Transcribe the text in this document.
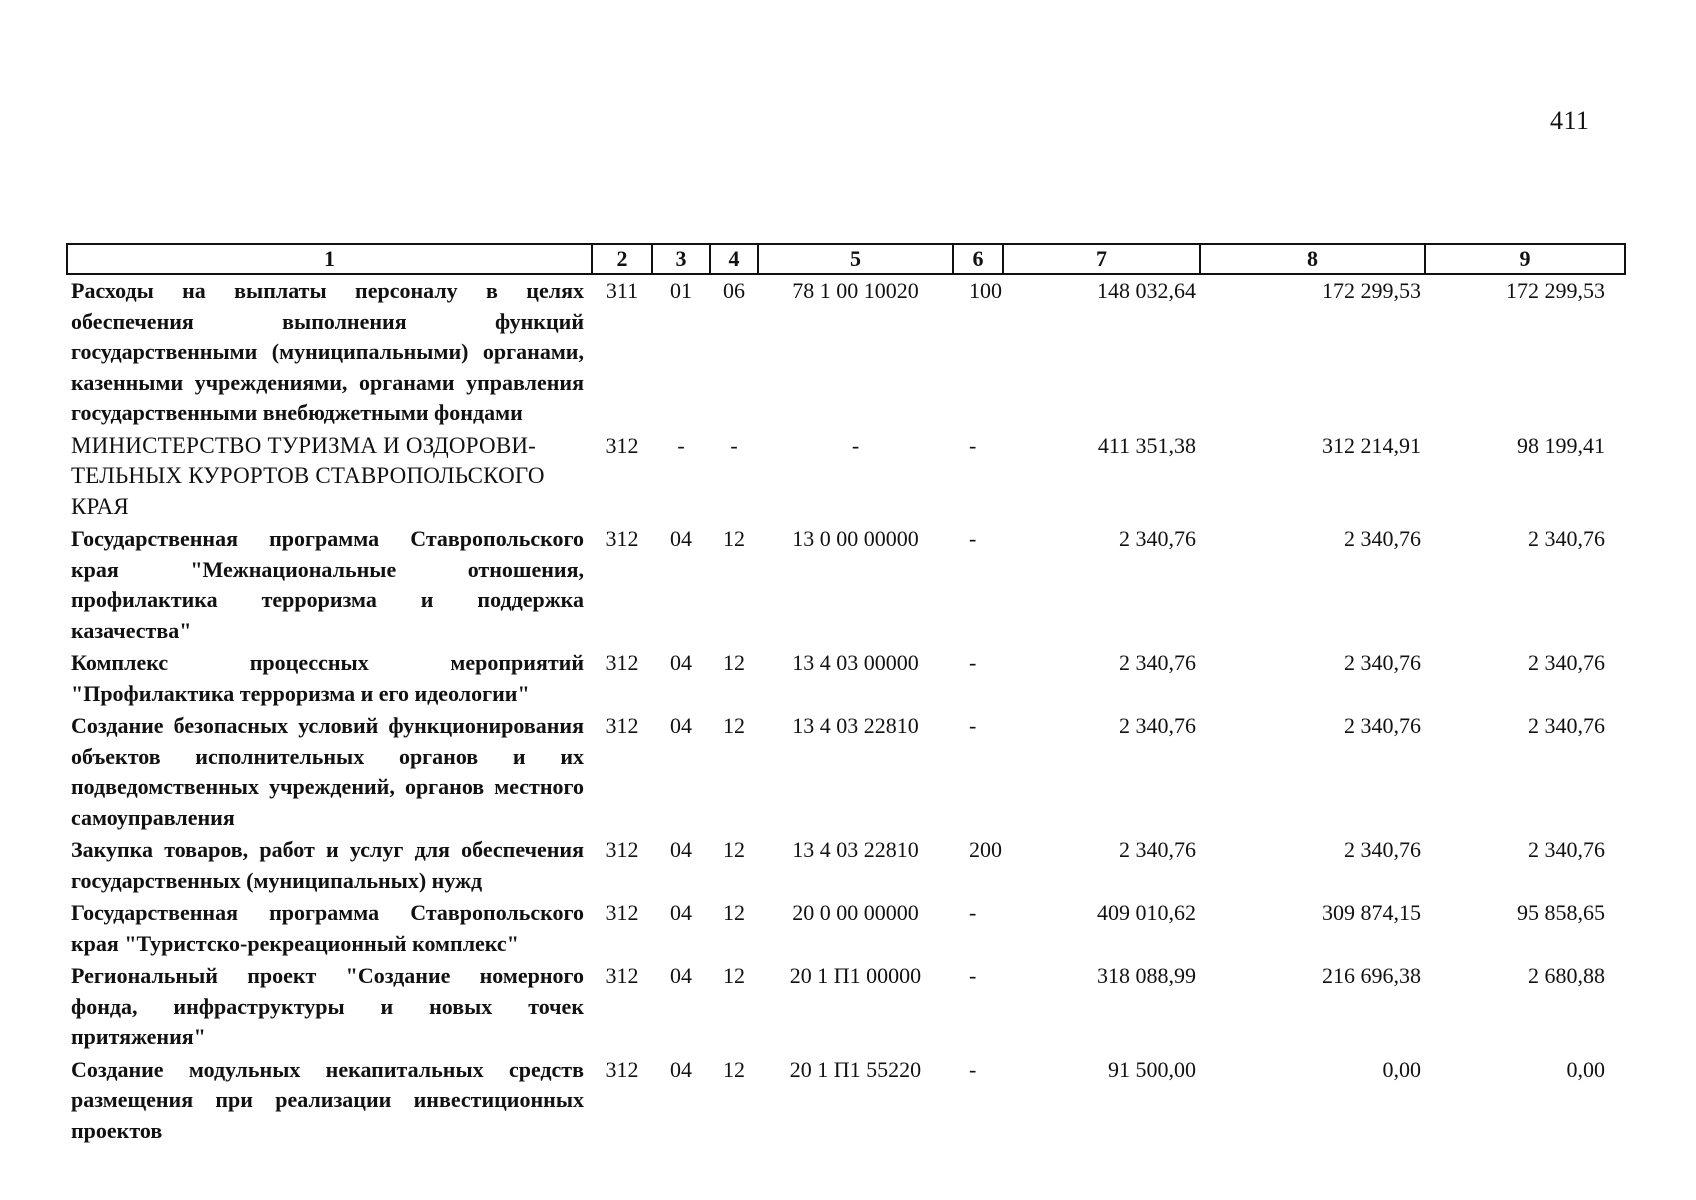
411
1	2	3	4	5	6	7	8	9
Расходы на выплаты персоналу в целях обеспечения выполнения функций государственными (муниципальными) органами, казенными учреждениями, органами управления государственными внебюджетными фондами	311	01	06	78 1 00 10020	100	148 032,64	172 299,53	172 299,53
МИНИСТЕРСТВО ТУРИЗМА И ОЗДОРОВИТЕЛЬНЫХ КУРОРТОВ СТАВРОПОЛЬСКОГО КРАЯ	312	-	-	-	-	411 351,38	312 214,91	98 199,41
Государственная программа Ставропольского края "Межнациональные отношения, профилактика терроризма и поддержка казачества"	312	04	12	13 0 00 00000	-	2 340,76	2 340,76	2 340,76
Комплекс процессных мероприятий "Профилактика терроризма и его идеологии"	312	04	12	13 4 03 00000	-	2 340,76	2 340,76	2 340,76
Создание безопасных условий функционирования объектов исполнительных органов и их подведомственных учреждений, органов местного самоуправления	312	04	12	13 4 03 22810	-	2 340,76	2 340,76	2 340,76
Закупка товаров, работ и услуг для обеспечения государственных (муниципальных) нужд	312	04	12	13 4 03 22810	200	2 340,76	2 340,76	2 340,76
Государственная программа Ставропольского края "Туристско-рекреационный комплекс"	312	04	12	20 0 00 00000	-	409 010,62	309 874,15	95 858,65
Региональный проект "Создание номерного фонда, инфраструктуры и новых точек притяжения"	312	04	12	20 1 П1 00000	-	318 088,99	216 696,38	2 680,88
Создание модульных некапитальных средств размещения при реализации инвестиционных проектов	312	04	12	20 1 П1 55220	-	91 500,00	0,00	0,00
